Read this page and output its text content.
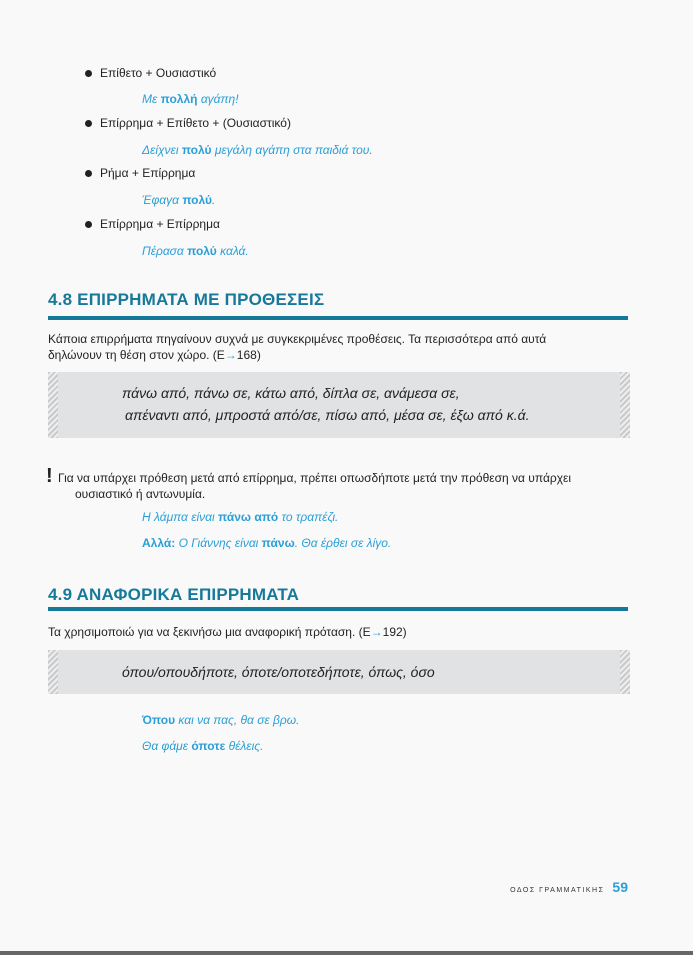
Επίθετο + Ουσιαστικό
Με πολλή αγάπη!
Επίρρημα + Επίθετο + (Ουσιαστικό)
Δείχνει πολύ μεγάλη αγάπη στα παιδιά του.
Ρήμα + Επίρρημα
Έφαγα πολύ.
Επίρρημα + Επίρρημα
Πέρασα πολύ καλά.
4.8 ΕΠΙΡΡΗΜΑΤΑ ΜΕ ΠΡΟΘΕΣΕΙΣ
Κάποια επιρρήματα πηγαίνουν συχνά με συγκεκριμένες προθέσεις. Τα περισσότερα από αυτά
δηλώνουν τη θέση στον χώρο. (Ε→168)
πάνω από, πάνω σε, κάτω από, δίπλα σε, ανάμεσα σε,
απέναντι από, μπροστά από/σε, πίσω από, μέσα σε, έξω από κ.ά.
! Για να υπάρχει πρόθεση μετά από επίρρημα, πρέπει οπωσδήποτε μετά την πρόθεση να υπάρχει
ουσιαστικό ή αντωνυμία.
Η λάμπα είναι πάνω από το τραπέζι.
Αλλά: Ο Γιάννης είναι πάνω. Θα έρθει σε λίγο.
4.9 ΑΝΑΦΟΡΙΚΑ ΕΠΙΡΡΗΜΑΤΑ
Τα χρησιμοποιώ για να ξεκινήσω μια αναφορική πρόταση. (Ε→192)
όπου/οπουδήποτε, όποτε/οποτεδήποτε, όπως, όσο
Όπου και να πας, θα σε βρω.
Θα φάμε όποτε θέλεις.
ΟΔΟΣ ΓΡΑΜΜΑΤΙΚΗΣ 59
